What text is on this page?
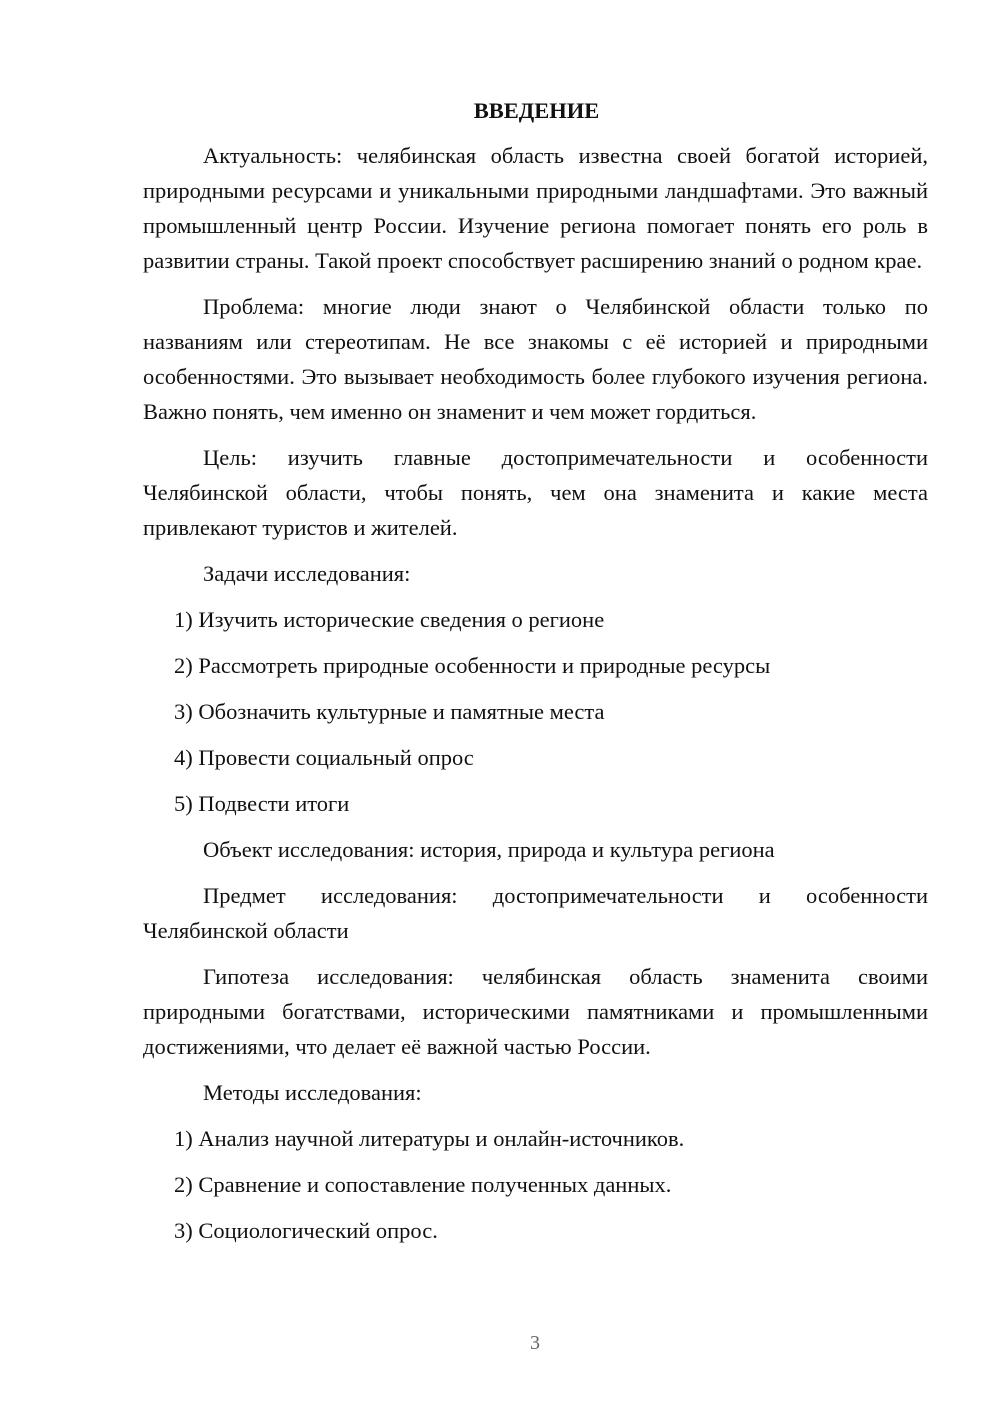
ВВЕДЕНИЕ

Актуальность: челябинская область известна своей богатой историей, природными ресурсами и уникальными природными ландшафтами. Это важный промышленный центр России. Изучение региона помогает понять его роль в развитии страны. Такой проект способствует расширению знаний о родном крае.

Проблема: многие люди знают о Челябинской области только по названиям или стереотипам. Не все знакомы с её историей и природными особенностями. Это вызывает необходимость более глубокого изучения региона. Важно понять, чем именно он знаменит и чем может гордиться.

Цель: изучить главные достопримечательности и особенности Челябинской области, чтобы понять, чем она знаменита и какие места привлекают туристов и жителей.

Задачи исследования:

1) Изучить исторические сведения о регионе

2) Рассмотреть природные особенности и природные ресурсы

3) Обозначить культурные и памятные места

4) Провести социальный опрос

5) Подвести итоги

Объект исследования: история, природа и культура региона

Предмет исследования: достопримечательности и особенности Челябинской области

Гипотеза исследования: челябинская область знаменита своими природными богатствами, историческими памятниками и промышленными достижениями, что делает её важной частью России.

Методы исследования:

1) Анализ научной литературы и онлайн-источников.

2) Сравнение и сопоставление полученных данных.

3) Социологический опрос.

3
